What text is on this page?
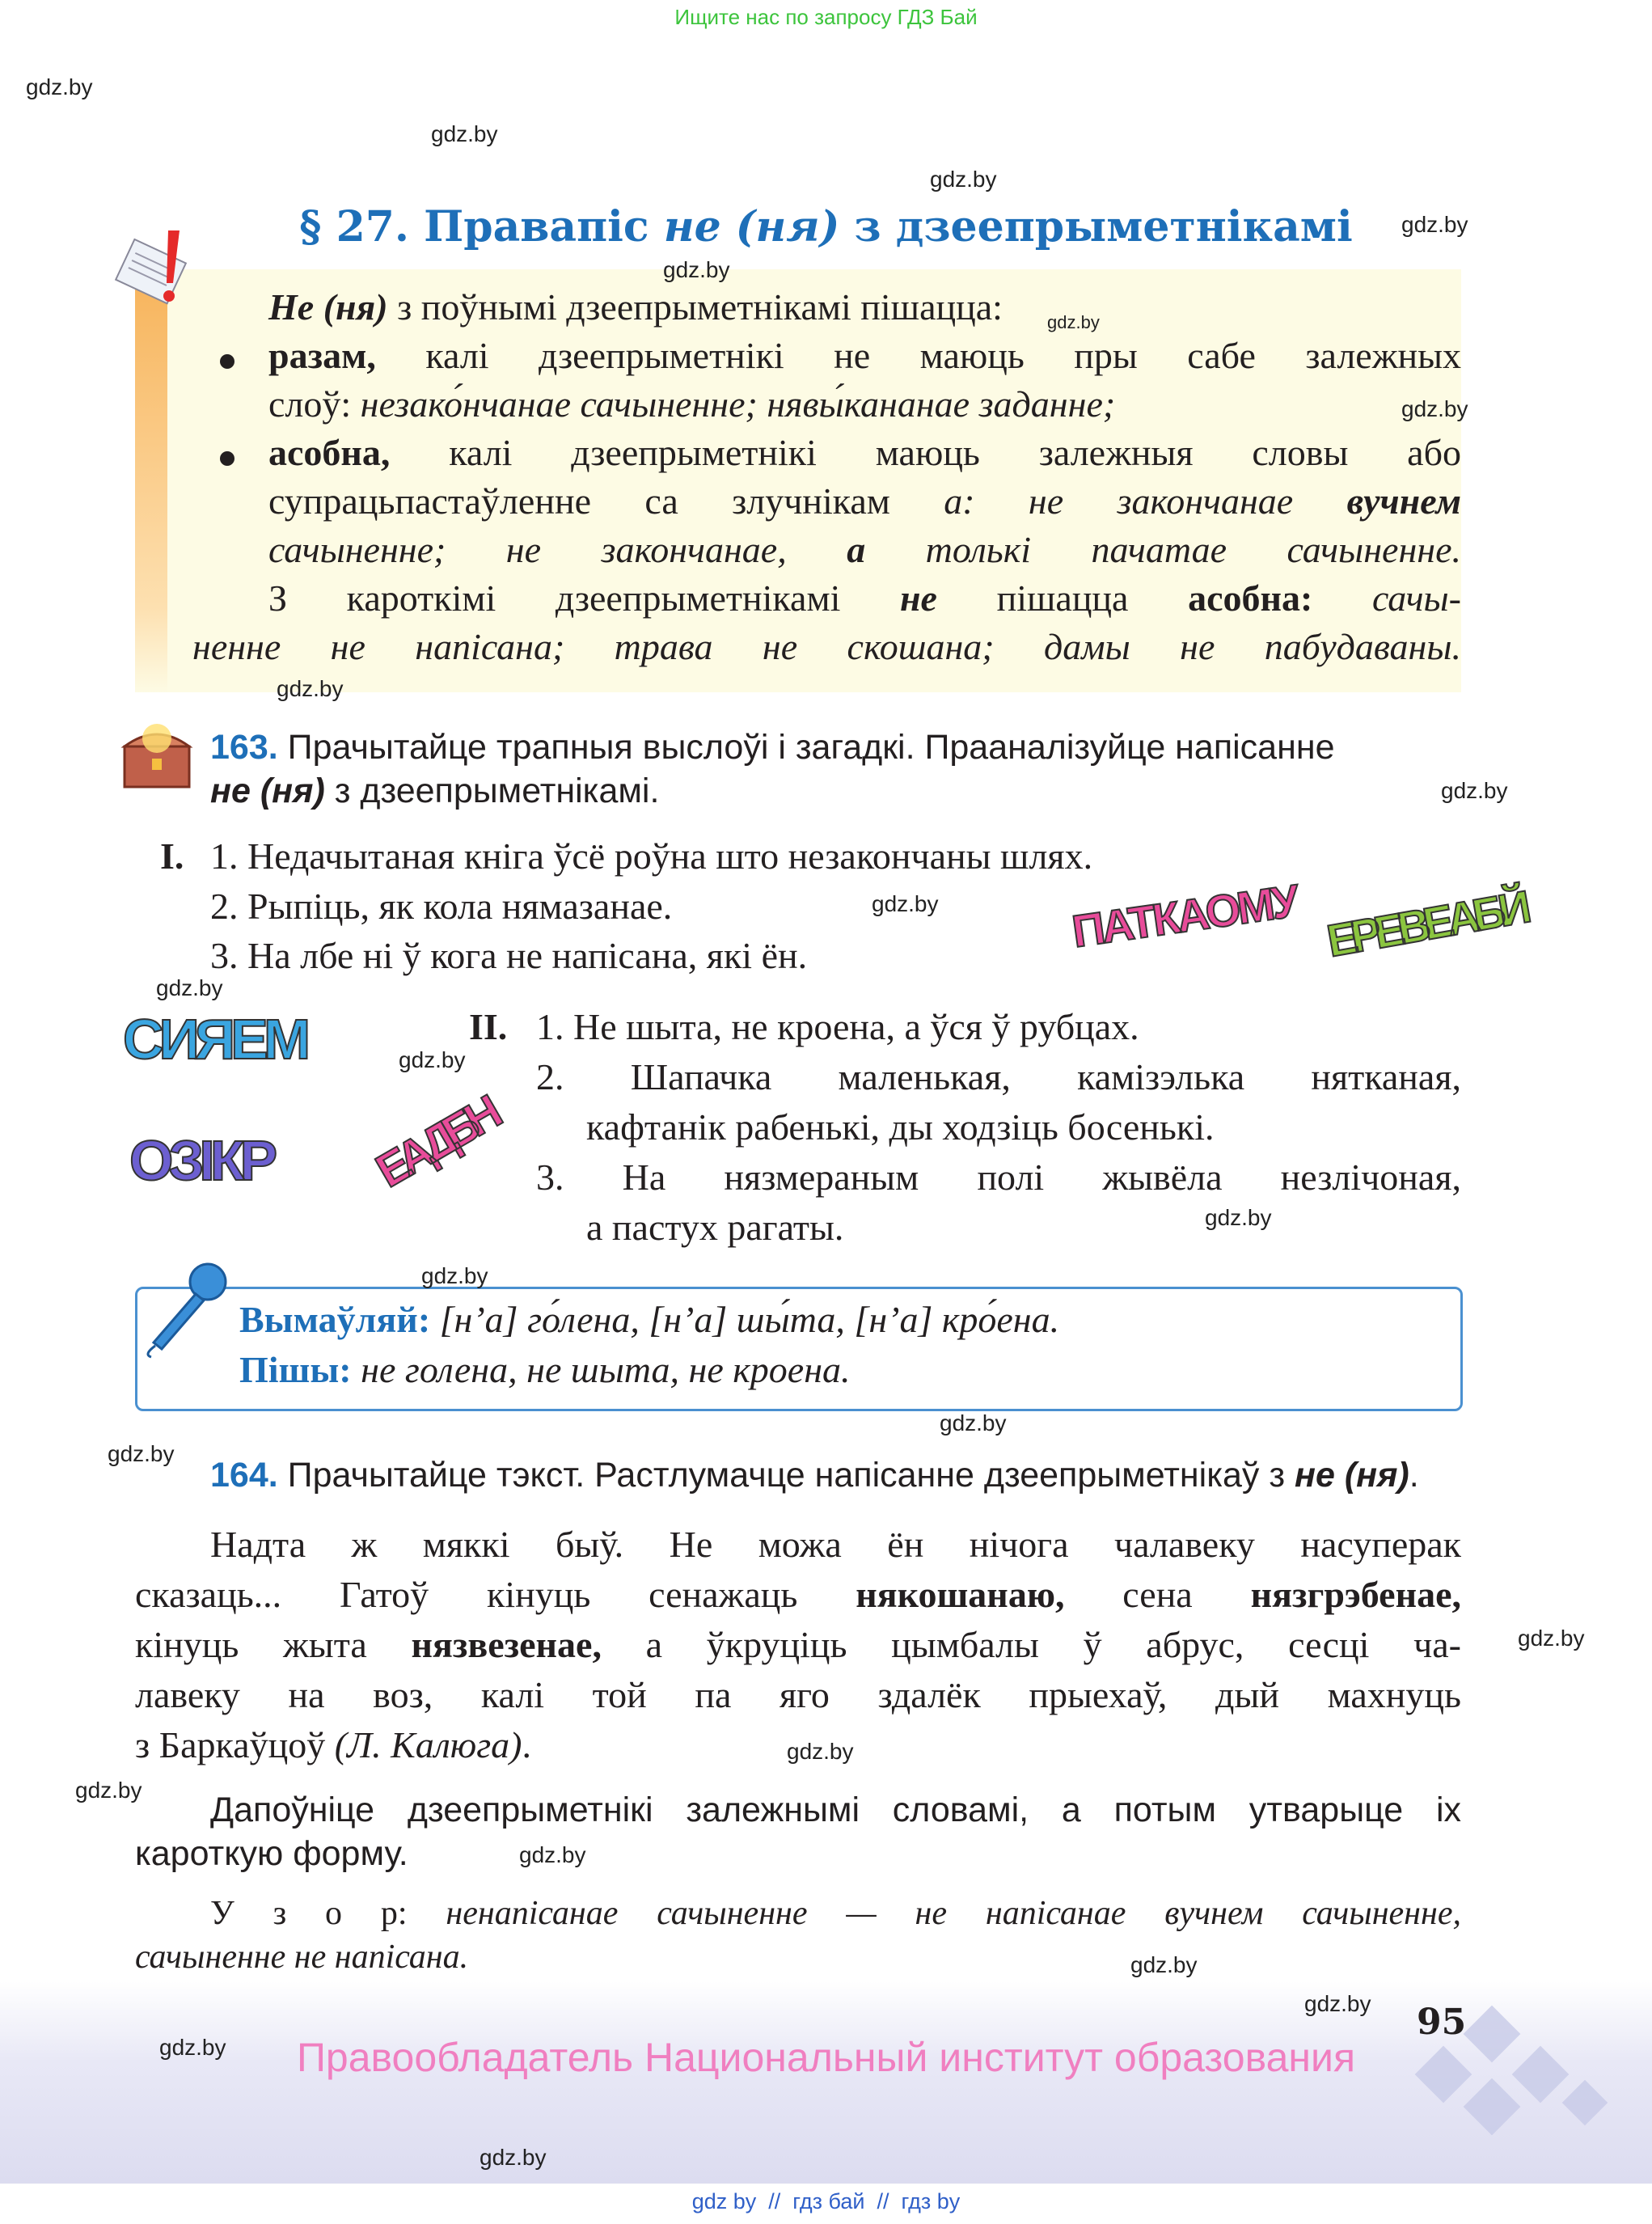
Ищите нас по запросу ГДЗ Бай
§ 27. Правапіс не (ня) з дзеепрыметнікамі
Не (ня) з поўнымі дзеепрыметнікамі пішацца:
разам, калі дзеепрыметнікі не маюць пры сабе залежных
слоў: незако́нчанае сачыненне; нявы́кананае заданне;
асобна, калі дзеепрыметнікі маюць залежныя словы або
супрацьпастаўленне са злучнікам а: не закончанае вучнем
сачыненне; не закончанае, а толькі пачатае сачыненне.
З кароткімі дзеепрыметнікамі не пішацца асобна: сачы-
ненне не напісана; трава не скошана; дамы не пабудаваны.
163. Прачытайце трапныя выслоўі і загадкі. Прааналізуйце напісанне
не (ня) з дзеепрыметнікамі.
I. 1. Недачытаная кніга ўсё роўна што незакончаны шлях.
2. Рыпіць, як кола нямазанае.
3. На лбе ні ў кога не напісана, які ён.
II. 1. Не шыта, не кроена, а ўся ў рубцах.
2. Шапачка маленькая, камізэлька нятканая,
кафтанік рабенькі, ды ходзіць босенькі.
3. На нязмераным полі жывёла незлічоная,
а пастух рагаты.
ПАТКАОМУ ЕРЕВЕАБЙ
СИЯЕМ
ЕАДБН
ОЗІКР
Вымаўляй: [н’а] го́лена, [н’а] шы́та, [н’а] кро́ена.
Пішы: не голена, не шыта, не кроена.
164. Прачытайце тэкст. Растлумачце напісанне дзеепрыметнікаў з не (ня).
Надта ж мяккі быў. Не можа ён нічога чалавеку насуперак
сказаць... Гатоў кінуць сенажаць някошанаю, сена нязгрэбенае,
кінуць жыта нязвезенае, а ўкруціць цымбалы ў абрус, сесці ча-
лавеку на воз, калі той па яго здалёк прыехаў, дый махнуць
з Баркаўцоў (Л. Калюга).
Дапоўніце дзеепрыметнікі залежнымі словамі, а потым утварыце іх
кароткую форму.
У з о р: ненапісанае сачыненне — не напісанае вучнем сачыненне,
сачыненне не напісана.
95
Правообладатель Национальный институт образования
gdz by  //  гдз бай  //  гдз by
gdz.by
gdz.by
gdz.by
gdz.by
gdz.by
gdz.by
gdz.by
gdz.by
gdz.by
gdz.by
gdz.by
gdz.by
gdz.by
gdz.by
gdz.by
gdz.by
gdz.by
gdz.by
gdz.by
gdz.by
gdz.by
gdz.by
gdz.by
gdz.by
